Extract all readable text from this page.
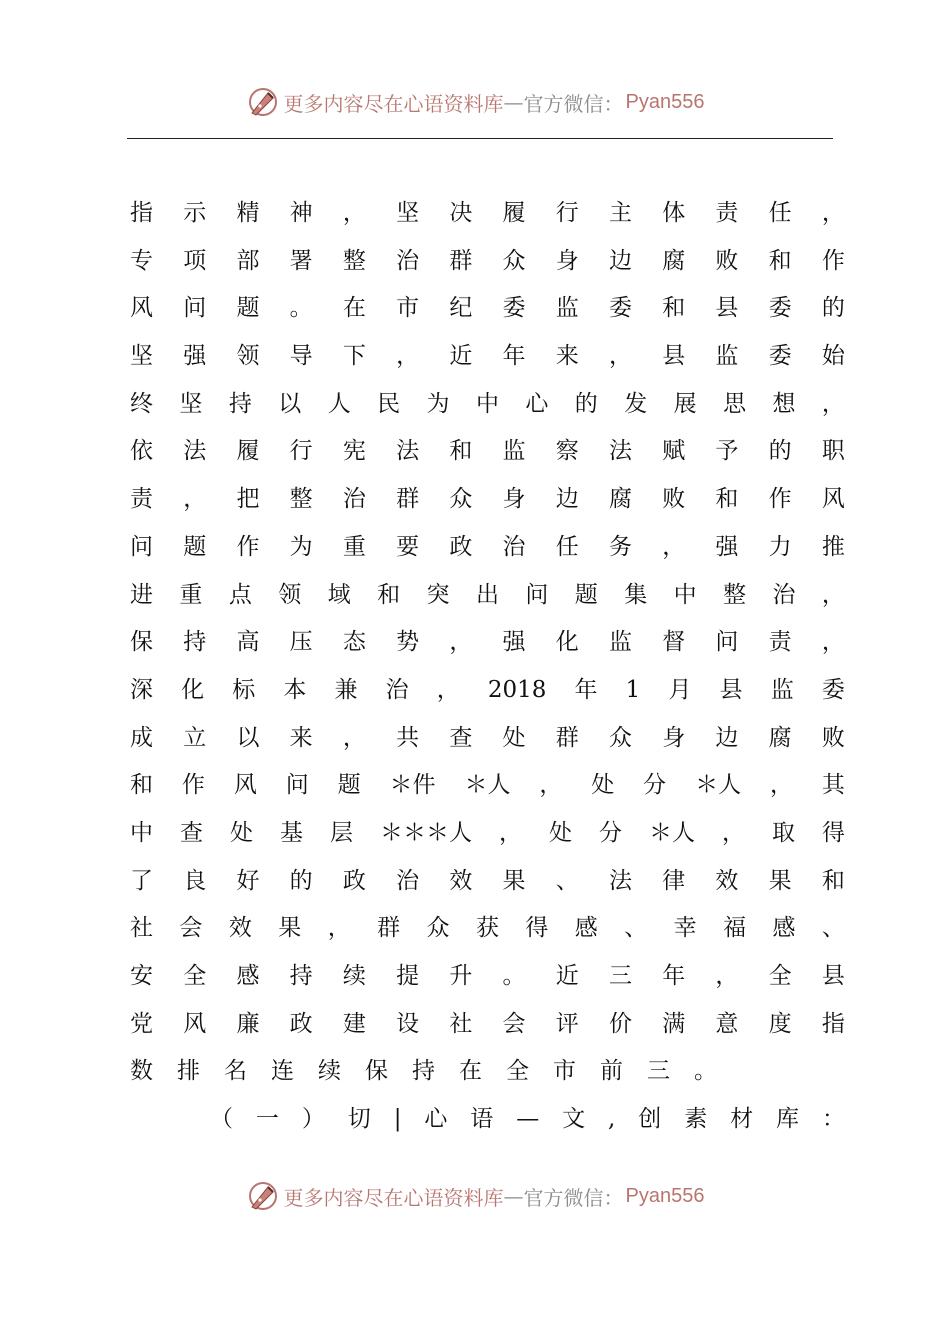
更多内容尽在心语资料库 — 官方微信： Pyan556
指 示 精 神 ， 坚 决 履 行 主 体 责 任 ，
专 项 部 署 整 治 群 众 身 边 腐 败 和 作
风 问 题 。 在 市 纪 委 监 委 和 县 委 的
坚 强 领 导 下 ， 近 年 来 ， 县 监 委 始
终 坚 持 以 人 民 为 中 心 的 发 展 思 想 ，
依 法 履 行 宪 法 和 监 察 法 赋 予 的 职
责 ， 把 整 治 群 众 身 边 腐 败 和 作 风
问 题 作 为 重 要 政 治 任 务 ， 强 力 推
进 重 点 领 域 和 突 出 问 题 集 中 整 治 ，
保 持 高 压 态 势 ， 强 化 监 督 问 责 ，
深 化 标 本 兼 治 ， 2018 年 1 月 县 监 委
成 立 以 来 ， 共 查 处 群 众 身 边 腐 败
和 作 风 问 题 ＊件 ＊人 ， 处 分 ＊人 ， 其
中 查 处 基 层 ＊＊＊人 ， 处 分 ＊人 ， 取 得
了 良 好 的 政 治 效 果 、 法 律 效 果 和
社 会 效 果 ， 群 众 获 得 感 、 幸 福 感 、
安 全 感 持 续 提 升 。 近 三 年 ， 全 县
党 风 廉 政 建 设 社 会 评 价 满 意 度 指
数 排 名 连 续 保 持 在 全 市 前 三 。
（ 一 ） 切 | 心 语 — 文 , 创 素 材 库 ：
更多内容尽在心语资料库 — 官方微信： Pyan556
